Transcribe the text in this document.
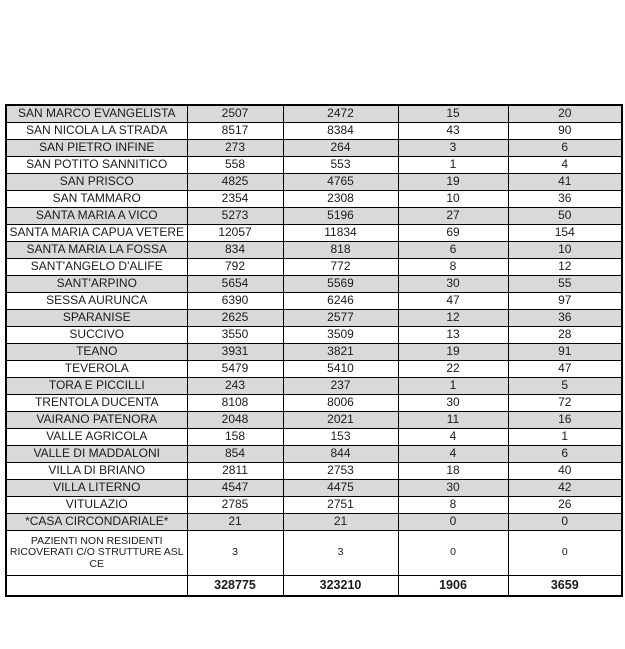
SAN MARCO EVANGELISTA	2507	2472	15	20
SAN NICOLA LA STRADA	8517	8384	43	90
SAN PIETRO INFINE	273	264	3	6
SAN POTITO SANNITICO	558	553	1	4
SAN PRISCO	4825	4765	19	41
SAN TAMMARO	2354	2308	10	36
SANTA MARIA A VICO	5273	5196	27	50
SANTA MARIA CAPUA VETERE	12057	11834	69	154
SANTA MARIA LA FOSSA	834	818	6	10
SANT'ANGELO D'ALIFE	792	772	8	12
SANT'ARPINO	5654	5569	30	55
SESSA AURUNCA	6390	6246	47	97
SPARANISE	2625	2577	12	36
SUCCIVO	3550	3509	13	28
TEANO	3931	3821	19	91
TEVEROLA	5479	5410	22	47
TORA E PICCILLI	243	237	1	5
TRENTOLA DUCENTA	8108	8006	30	72
VAIRANO PATENORA	2048	2021	11	16
VALLE AGRICOLA	158	153	4	1
VALLE DI MADDALONI	854	844	4	6
VILLA DI BRIANO	2811	2753	18	40
VILLA LITERNO	4547	4475	30	42
VITULAZIO	2785	2751	8	26
*CASA CIRCONDARIALE*	21	21	0	0
PAZIENTI NON RESIDENTI RICOVERATI C/O STRUTTURE ASL CE	3	3	0	0
	328775	323210	1906	3659
